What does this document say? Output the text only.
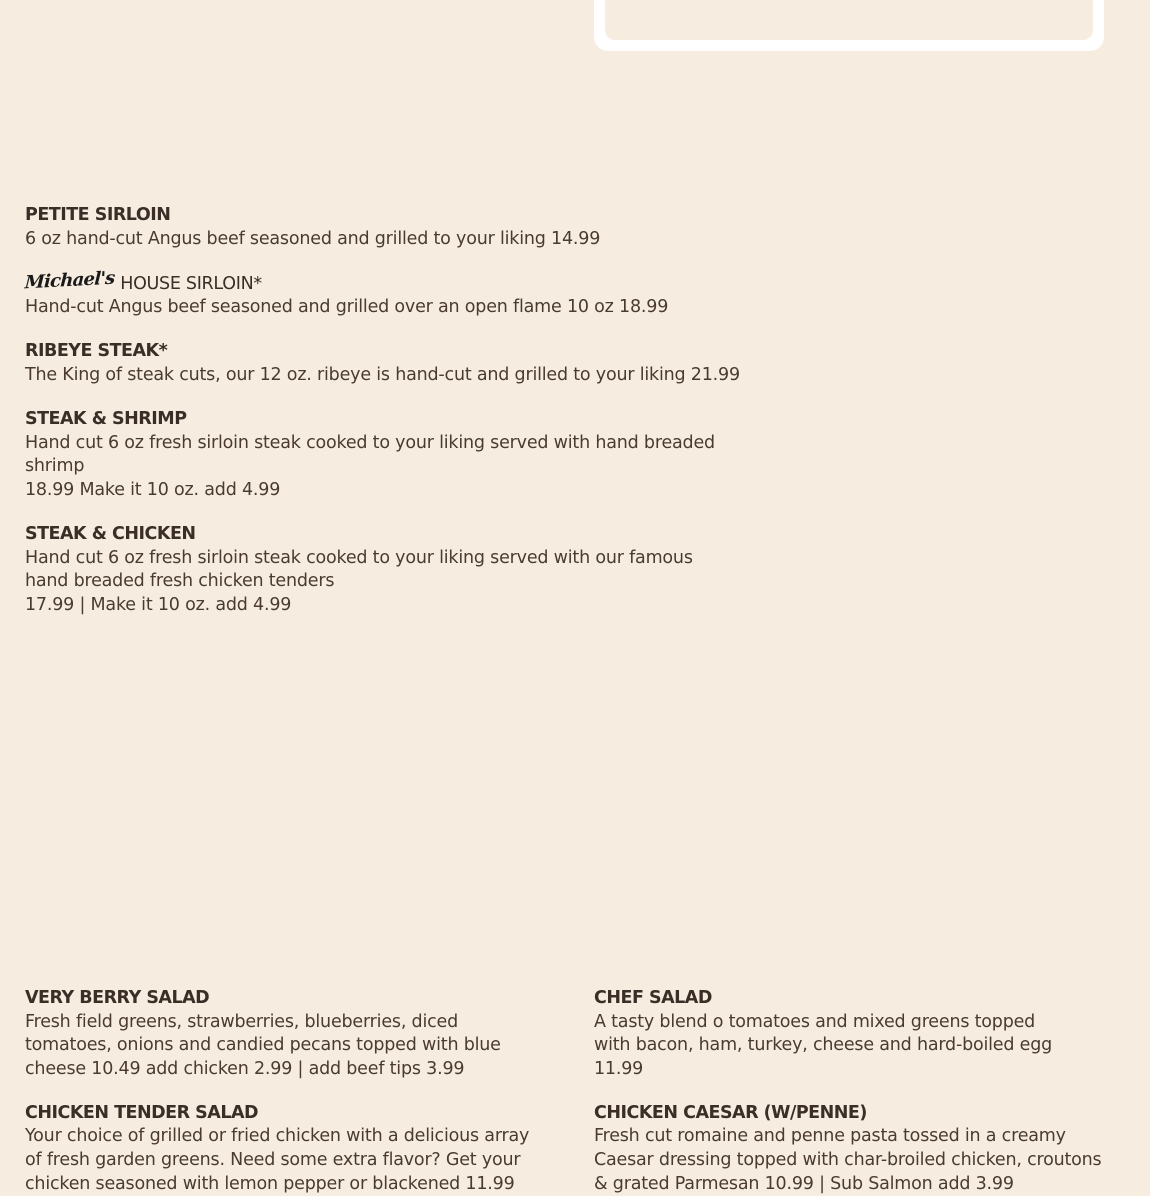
PETITE SIRLOIN
6 oz hand-cut Angus beef seasoned and grilled to your liking 14.99
Michael's HOUSE SIRLOIN*
Hand-cut Angus beef seasoned and grilled over an open flame 10 oz 18.99
RIBEYE STEAK*
The King of steak cuts, our 12 oz. ribeye is hand-cut and grilled to your liking 21.99
STEAK & SHRIMP
Hand cut 6 oz fresh sirloin steak cooked to your liking served with hand breaded shrimp
18.99 Make it 10 oz. add 4.99
STEAK & CHICKEN
Hand cut 6 oz fresh sirloin steak cooked to your liking served with our famous hand breaded fresh chicken tenders
17.99 | Make it 10 oz. add 4.99
VERY BERRY SALAD
Fresh field greens, strawberries, blueberries, diced tomatoes, onions and candied pecans topped with blue cheese 10.49 add chicken 2.99 | add beef tips 3.99
CHICKEN TENDER SALAD
Your choice of grilled or fried chicken with a delicious array of fresh garden greens. Need some extra flavor? Get your chicken seasoned with lemon pepper or blackened 11.99
CHEF SALAD
A tasty blend o tomatoes and mixed greens topped with bacon, ham, turkey, cheese and hard-boiled egg 11.99
CHICKEN CAESAR (W/PENNE)
Fresh cut romaine and penne pasta tossed in a creamy Caesar dressing topped with char-broiled chicken, croutons & grated Parmesan 10.99 | Sub Salmon add 3.99
